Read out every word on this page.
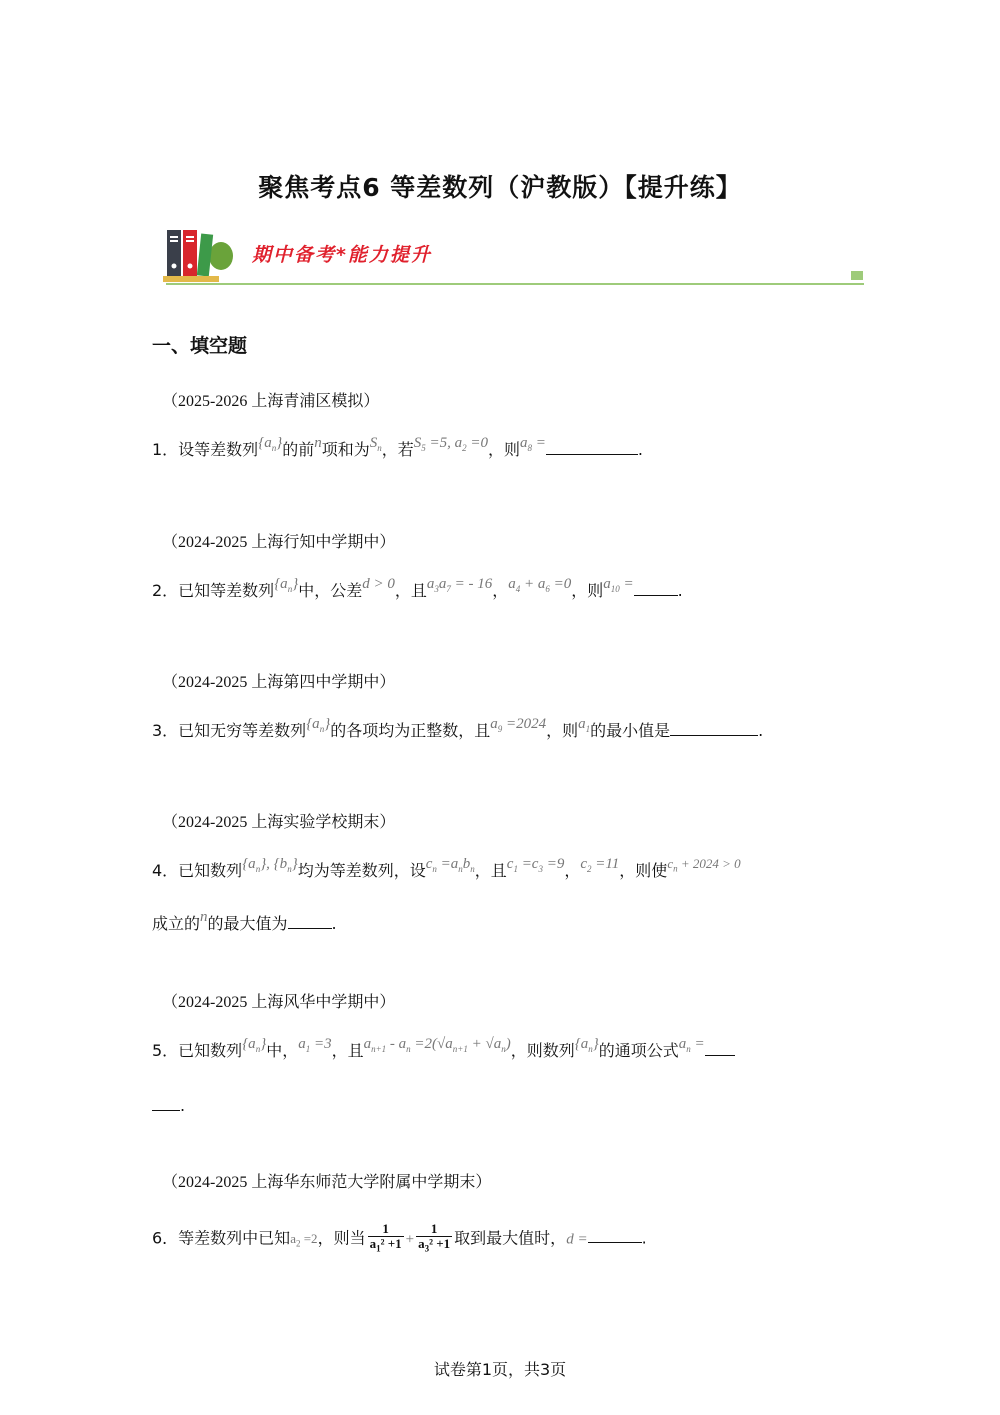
聚焦考点6 等差数列（沪教版）【提升练】
期中备考*能力提升
一、填空题
（2025-2026 上海青浦区模拟）
1．设等差数列$\{a_n\}$的前n项和为$S_n$，若$S_5 =5$, $a_2 =0$，则$a_8$ =	.
（2024-2025 上海行知中学期中）
2．已知等差数列$\{a_n\}$中，公差d > 0，且$a_3a_7$ = - 16，$a_4 + a_6 =0$，则$a_{10}$ =	.
（2024-2025 上海第四中学期中）
3．已知无穷等差数列$\{a_n\}$的各项均为正整数，且$a_9 =2024$，则$a_1$的最小值是	.
（2024-2025 上海实验学校期末）
4．已知数列$\{a_n\}$, $\{b_n\}$均为等差数列，设$c_n =a_nb_n$，且$c_1 =c_3 =9$，$c_2 =11$，则使$^{c_n + 2024 > 0}$
成立的n的最大值为	.
（2024-2025 上海风华中学期中）
5．已知数列$\{a_n\}$中，$a_1 =3$，且$a_{n+1} - a_n =2(√a_{n+1} + √a_n)$，则数列$\{a_n\}$的通项公式$a_n$ =
.
（2024-2025 上海华东师范大学附属中学期末）
6．等差数列中已知$a_2 =2$，则当 $\frac{1}{a_1^2 +1} + \frac{1}{a_3^2 +1}$ 取到最大值时，d =	.
试卷第1页，共3页
